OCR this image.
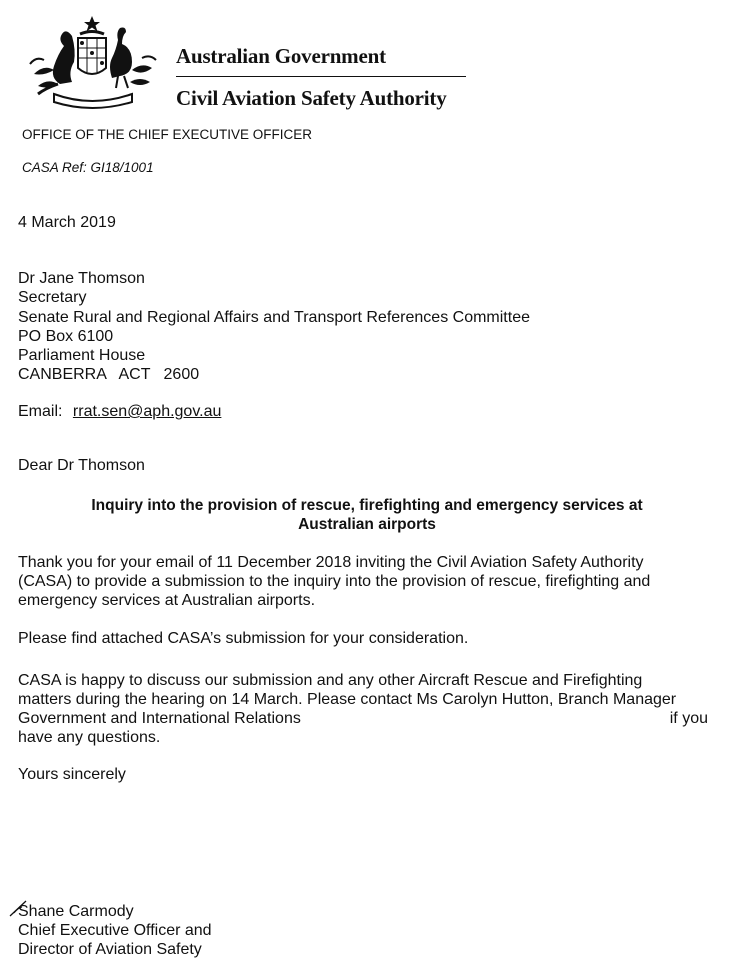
Australian Government
Civil Aviation Safety Authority
OFFICE OF THE CHIEF EXECUTIVE OFFICER
CASA Ref: GI18/1001
4 March 2019
Dr Jane Thomson
Secretary
Senate Rural and Regional Affairs and Transport References Committee
PO Box 6100
Parliament House
CANBERRA   ACT   2600
Email: rrat.sen@aph.gov.au
Dear Dr Thomson
Inquiry into the provision of rescue, firefighting and emergency services at
Australian airports
Thank you for your email of 11 December 2018 inviting the Civil Aviation Safety Authority
(CASA) to provide a submission to the inquiry into the provision of rescue, firefighting and
emergency services at Australian airports.
Please find attached CASA’s submission for your consideration.
CASA is happy to discuss our submission and any other Aircraft Rescue and Firefighting
matters during the hearing on 14 March. Please contact Ms Carolyn Hutton, Branch Manager
Government and International Relations	if you
have any questions.
Yours sincerely
Shane Carmody
Chief Executive Officer and
Director of Aviation Safety
